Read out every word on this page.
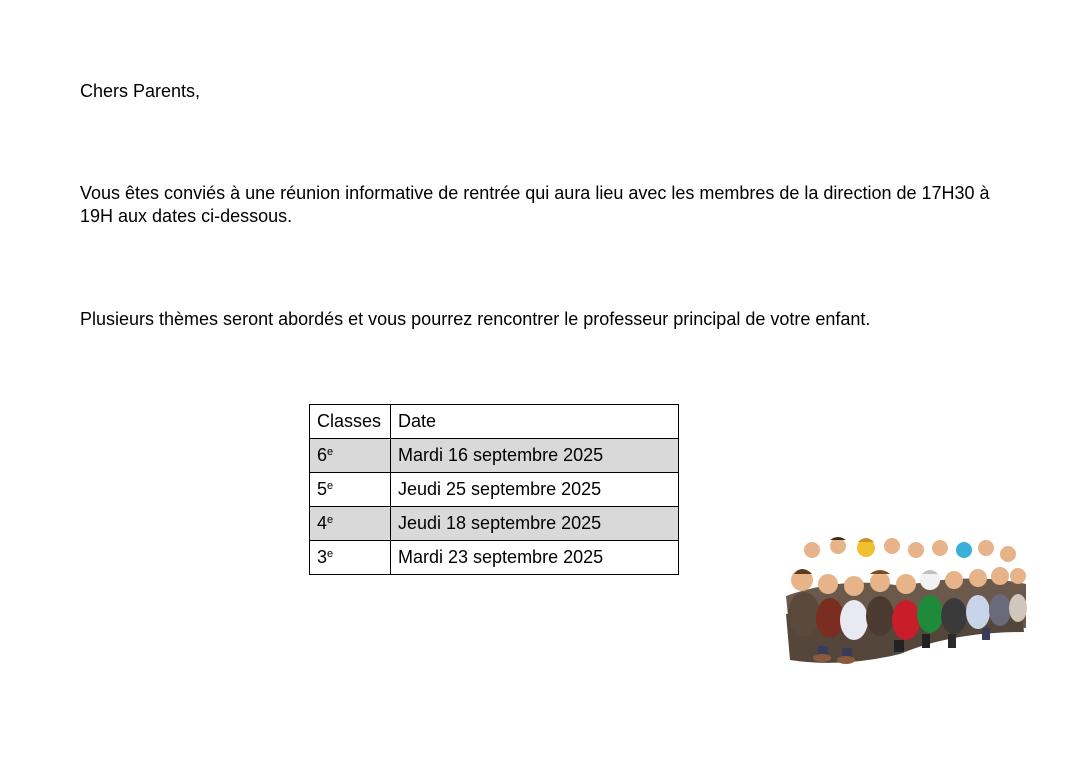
Chers Parents,

Vous êtes conviés à une réunion informative de rentrée qui aura lieu avec les membres de la direction de 17H30 à 19H aux dates ci-dessous.

Plusieurs thèmes seront abordés et vous pourrez rencontrer le professeur principal de votre enfant.

Classes	Date
6e	Mardi 16 septembre 2025
5e	Jeudi 25 septembre 2025
4e	Jeudi 18 septembre 2025
3e	Mardi 23 septembre 2025
